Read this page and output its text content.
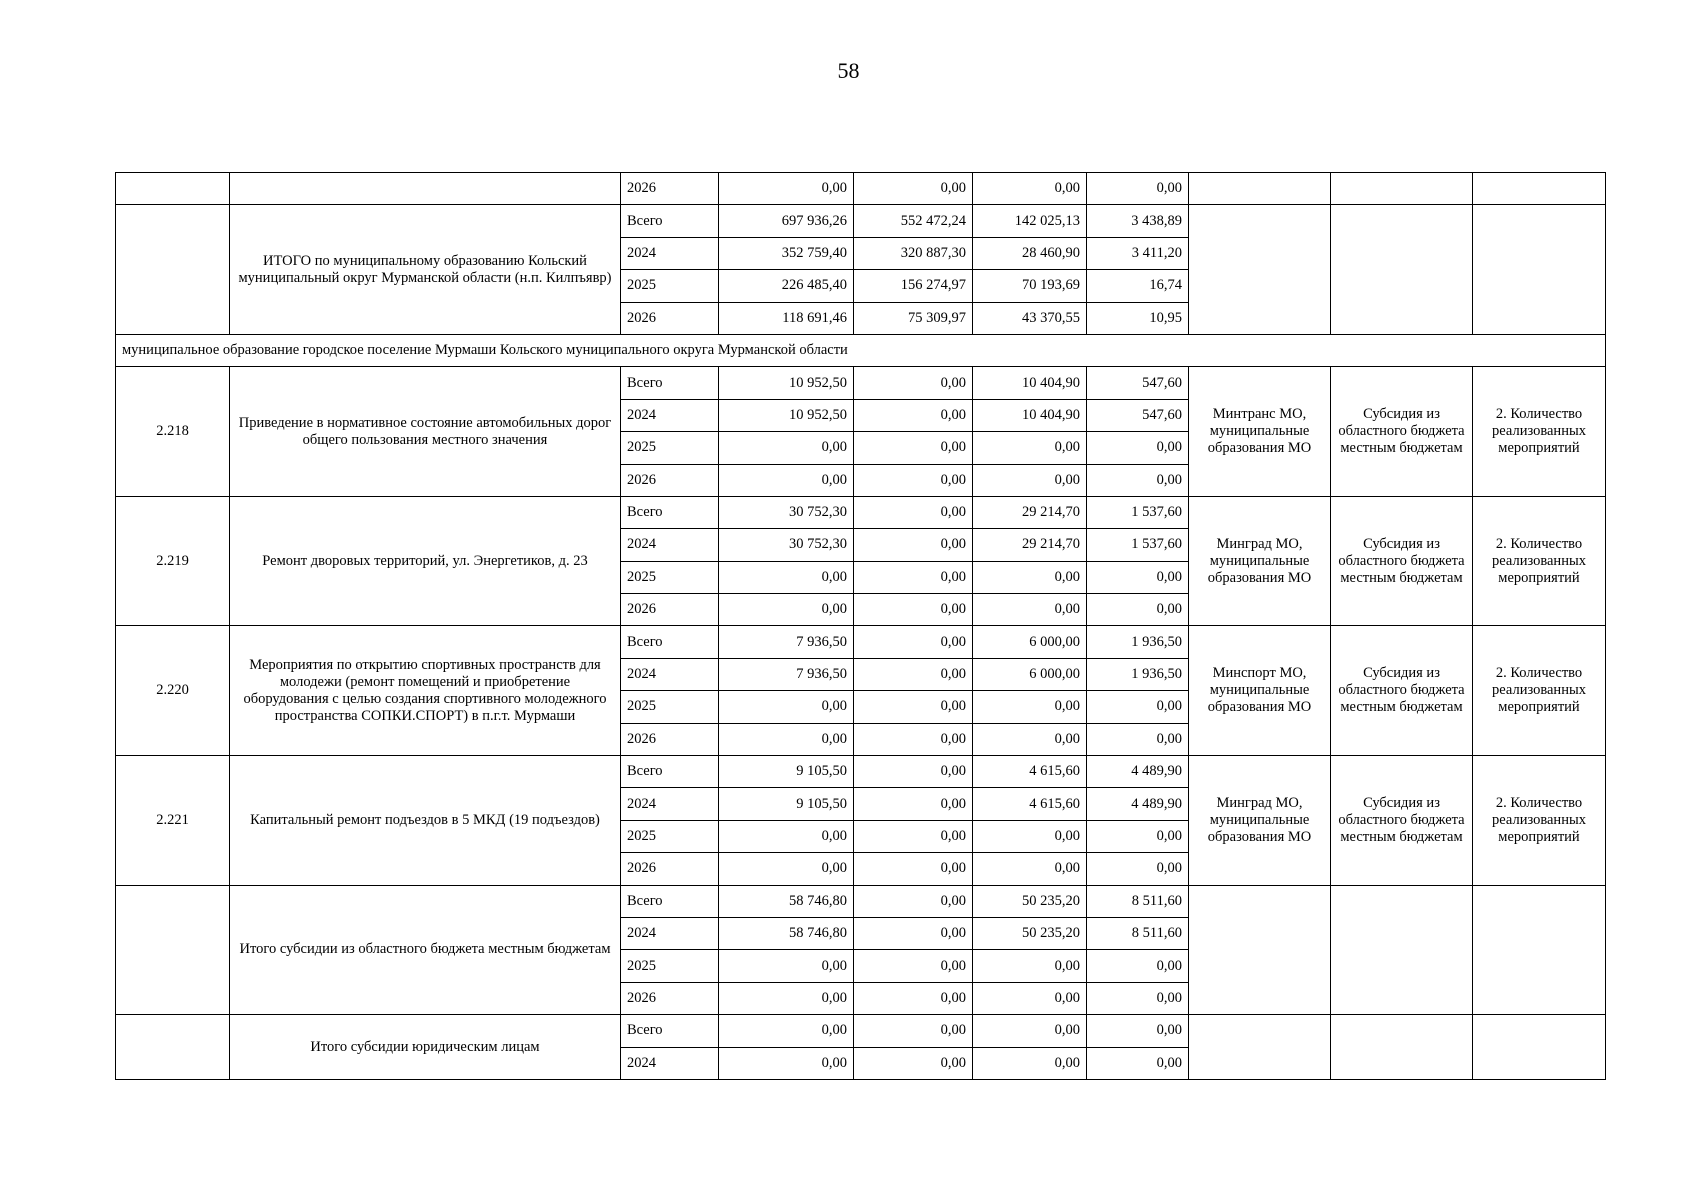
58
		2026	0,00	0,00	0,00	0,00			
	ИТОГО по муниципальному образованию Кольский муниципальный округ Мурманской области (н.п. Килпъявр)	Всего	697 936,26	552 472,24	142 025,13	3 438,89			
		2024	352 759,40	320 887,30	28 460,90	3 411,20			
		2025	226 485,40	156 274,97	70 193,69	16,74			
		2026	118 691,46	75 309,97	43 370,55	10,95			
муниципальное образование городское поселение Мурмаши Кольского муниципального округа Мурманской области									
2.218	Приведение в нормативное состояние автомобильных дорог общего пользования местного значения	Всего	10 952,50	0,00	10 404,90	547,60	Минтранс МО, муниципальные образования МО	Субсидия из областного бюджета местным бюджетам	2. Количество реализованных мероприятий
		2024	10 952,50	0,00	10 404,90	547,60			
		2025	0,00	0,00	0,00	0,00			
		2026	0,00	0,00	0,00	0,00			
2.219	Ремонт дворовых территорий, ул. Энергетиков, д. 23	Всего	30 752,30	0,00	29 214,70	1 537,60	Минград МО, муниципальные образования МО	Субсидия из областного бюджета местным бюджетам	2. Количество реализованных мероприятий
		2024	30 752,30	0,00	29 214,70	1 537,60			
		2025	0,00	0,00	0,00	0,00			
		2026	0,00	0,00	0,00	0,00			
2.220	Мероприятия по открытию спортивных пространств для молодежи (ремонт помещений и приобретение оборудования с целью создания спортивного молодежного пространства СОПКИ.СПОРТ) в п.г.т. Мурмаши	Всего	7 936,50	0,00	6 000,00	1 936,50	Минспорт МО, муниципальные образования МО	Субсидия из областного бюджета местным бюджетам	2. Количество реализованных мероприятий
		2024	7 936,50	0,00	6 000,00	1 936,50			
		2025	0,00	0,00	0,00	0,00			
		2026	0,00	0,00	0,00	0,00			
2.221	Капитальный ремонт подъездов в 5 МКД (19 подъездов)	Всего	9 105,50	0,00	4 615,60	4 489,90	Минград МО, муниципальные образования МО	Субсидия из областного бюджета местным бюджетам	2. Количество реализованных мероприятий
		2024	9 105,50	0,00	4 615,60	4 489,90			
		2025	0,00	0,00	0,00	0,00			
		2026	0,00	0,00	0,00	0,00			
	Итого субсидии из областного бюджета местным бюджетам	Всего	58 746,80	0,00	50 235,20	8 511,60			
		2024	58 746,80	0,00	50 235,20	8 511,60			
		2025	0,00	0,00	0,00	0,00			
		2026	0,00	0,00	0,00	0,00			
	Итого субсидии юридическим лицам	Всего	0,00	0,00	0,00	0,00			
		2024	0,00	0,00	0,00	0,00			
